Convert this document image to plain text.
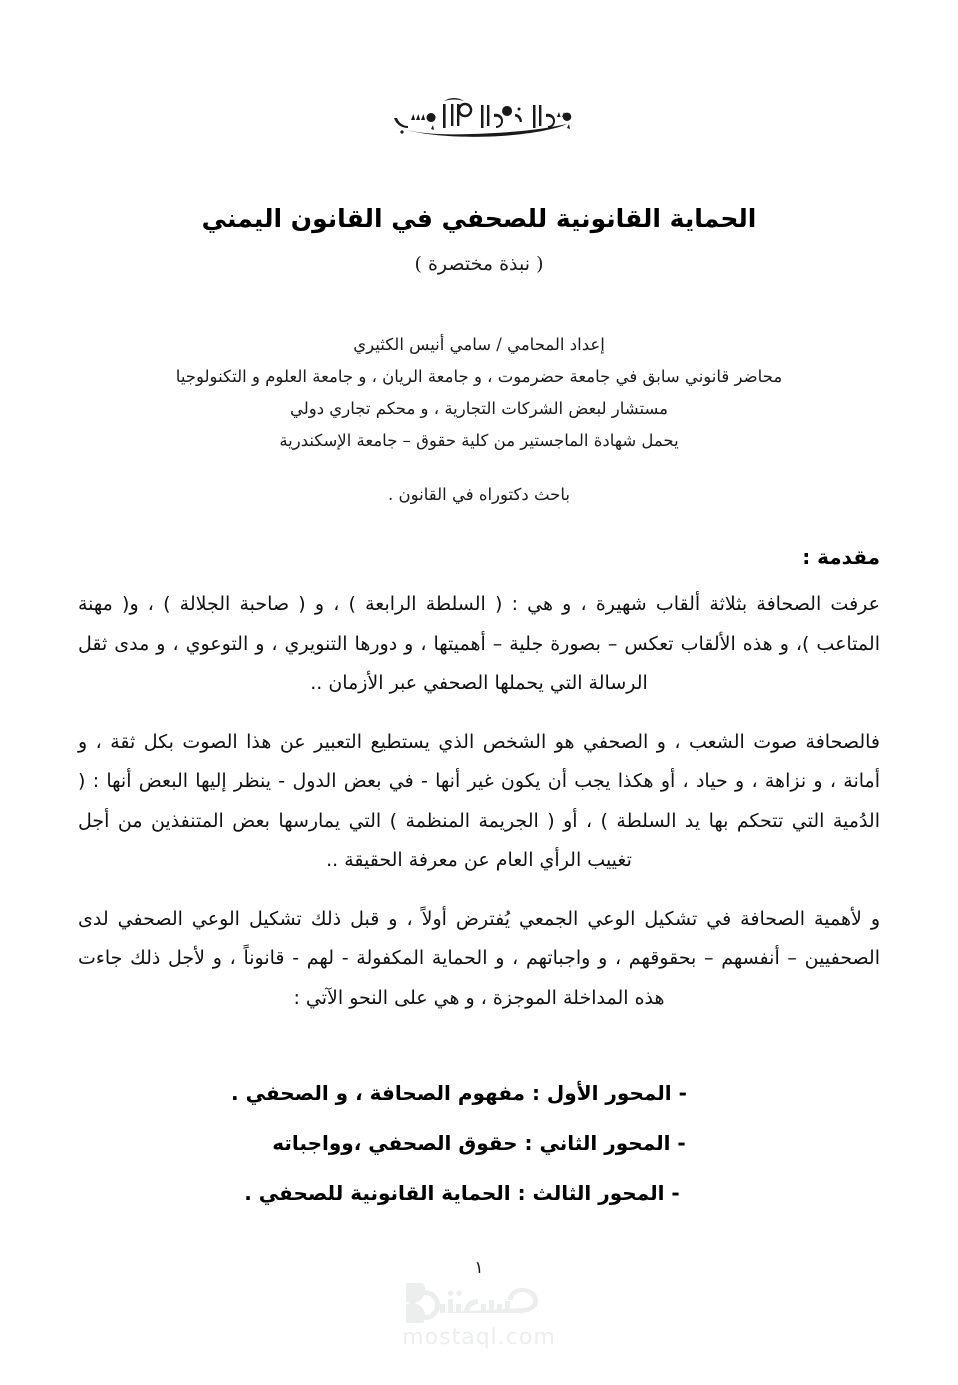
الحماية القانونية للصحفي في القانون اليمني
( نبذة مختصرة )
إعداد المحامي / سامي أنيس الكثيري
محاضر قانوني سابق في جامعة حضرموت ، و جامعة الريان ، و جامعة العلوم و التكنولوجيا
مستشار لبعض الشركات التجارية ، و محكم تجاري دولي
يحمل شهادة الماجستير من كلية حقوق – جامعة الإسكندرية
باحث دكتوراه في القانون .
مقدمة :

عرفت الصحافة بثلاثة ألقاب شهيرة ، و هي : ( السلطة الرابعة ) ، و ( صاحبة الجلالة ) ، و( مهنة المتاعب )، و هذه الألقاب تعكس – بصورة جلية – أهميتها ، و دورها التنويري ، و التوعوي ، و مدى ثقل الرسالة التي يحملها الصحفي عبر الأزمان ..

فالصحافة صوت الشعب ، و الصحفي هو الشخص الذي يستطيع التعبير عن هذا الصوت بكل ثقة ، و أمانة ، و نزاهة ، و حياد ، أو هكذا يجب أن يكون غير أنها - في بعض الدول - ينظر إليها البعض أنها : ( الدُمية التي تتحكم بها يد السلطة ) ، أو ( الجريمة المنظمة ) التي يمارسها بعض المتنفذين من أجل تغييب الرأي العام عن معرفة الحقيقة ..

و لأهمية الصحافة في تشكيل الوعي الجمعي يُفترض أولاً ، و قبل ذلك تشكيل الوعي الصحفي لدى الصحفيين – أنفسهم – بحقوقهم ، و واجباتهم ، و الحماية المكفولة - لهم - قانوناً ، و لأجل ذلك جاءت هذه المداخلة الموجزة ، و هي على النحو الآتي :

- المحور الأول : مفهوم الصحافة ، و الصحفي .
- المحور الثاني : حقوق الصحفي ،وواجباته
- المحور الثالث : الحماية القانونية للصحفي .
١
mostaql.com
